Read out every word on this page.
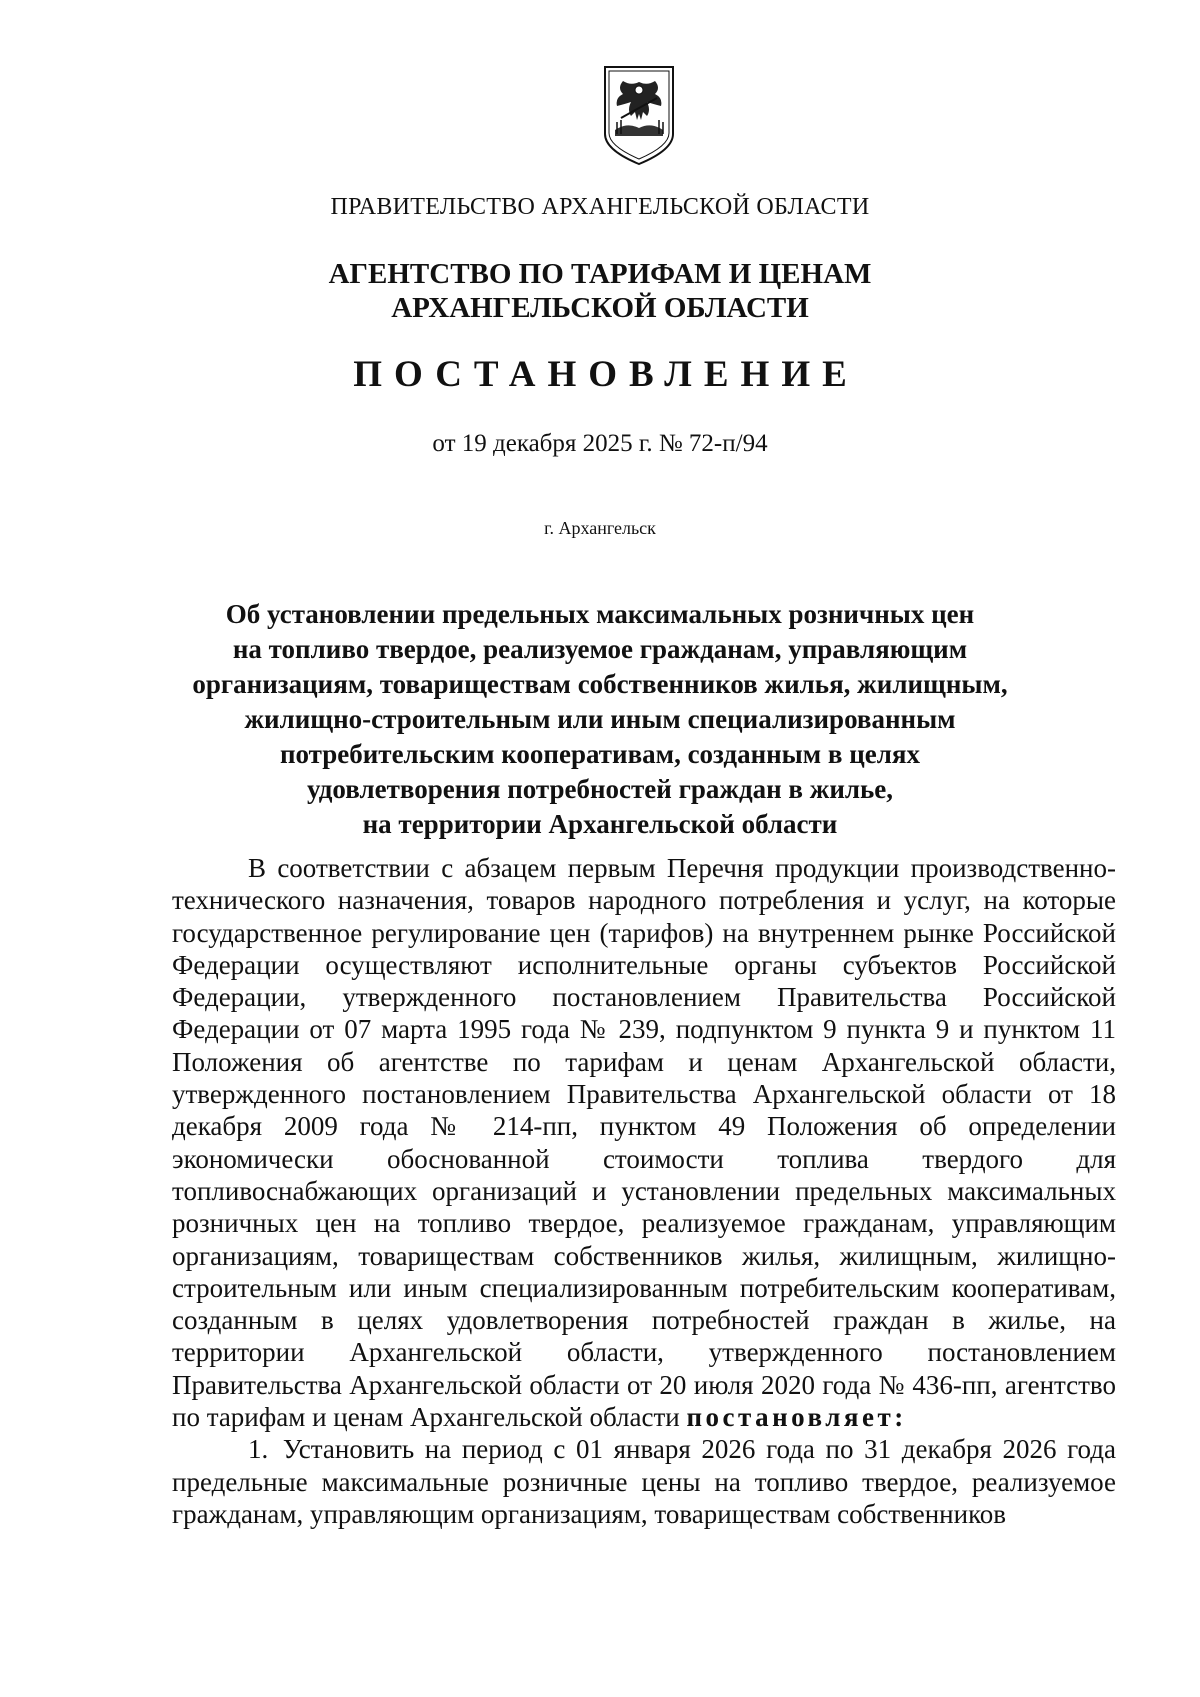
ПРАВИТЕЛЬСТВО АРХАНГЕЛЬСКОЙ ОБЛАСТИ
АГЕНТСТВО ПО ТАРИФАМ И ЦЕНАМ
АРХАНГЕЛЬСКОЙ ОБЛАСТИ
ПОСТАНОВЛЕНИЕ
от 19 декабря 2025 г. № 72-п/94
г. Архангельск
Об установлении предельных максимальных розничных цен
на топливо твердое, реализуемое гражданам, управляющим
организациям, товариществам собственников жилья, жилищным,
жилищно-строительным или иным специализированным
потребительским кооперативам, созданным в целях
удовлетворения потребностей граждан в жилье,
на территории Архангельской области

В соответствии с абзацем первым Перечня продукции производственно-технического назначения, товаров народного потребления и услуг, на которые государственное регулирование цен (тарифов) на внутреннем рынке Российской Федерации осуществляют исполнительные органы субъектов Российской Федерации, утвержденного постановлением Правительства Российской Федерации от 07 марта 1995 года № 239, подпунктом 9 пункта 9 и пунктом 11 Положения об агентстве по тарифам и ценам Архангельской области, утвержденного постановлением Правительства Архангельской области от 18 декабря 2009 года № 214-пп, пунктом 49 Положения об определении экономически обоснованной стоимости топлива твердого для топливоснабжающих организаций и установлении предельных максимальных розничных цен на топливо твердое, реализуемое гражданам, управляющим организациям, товариществам собственников жилья, жилищным, жилищно-строительным или иным специализированным потребительским кооперативам, созданным в целях удовлетворения потребностей граждан в жилье, на территории Архангельской области, утвержденного постановлением Правительства Архангельской области от 20 июля 2020 года № 436-пп, агентство по тарифам и ценам Архангельской области постановляет:

1. Установить на период с 01 января 2026 года по 31 декабря 2026 года предельные максимальные розничные цены на топливо твердое, реализуемое гражданам, управляющим организациям, товариществам собственников
